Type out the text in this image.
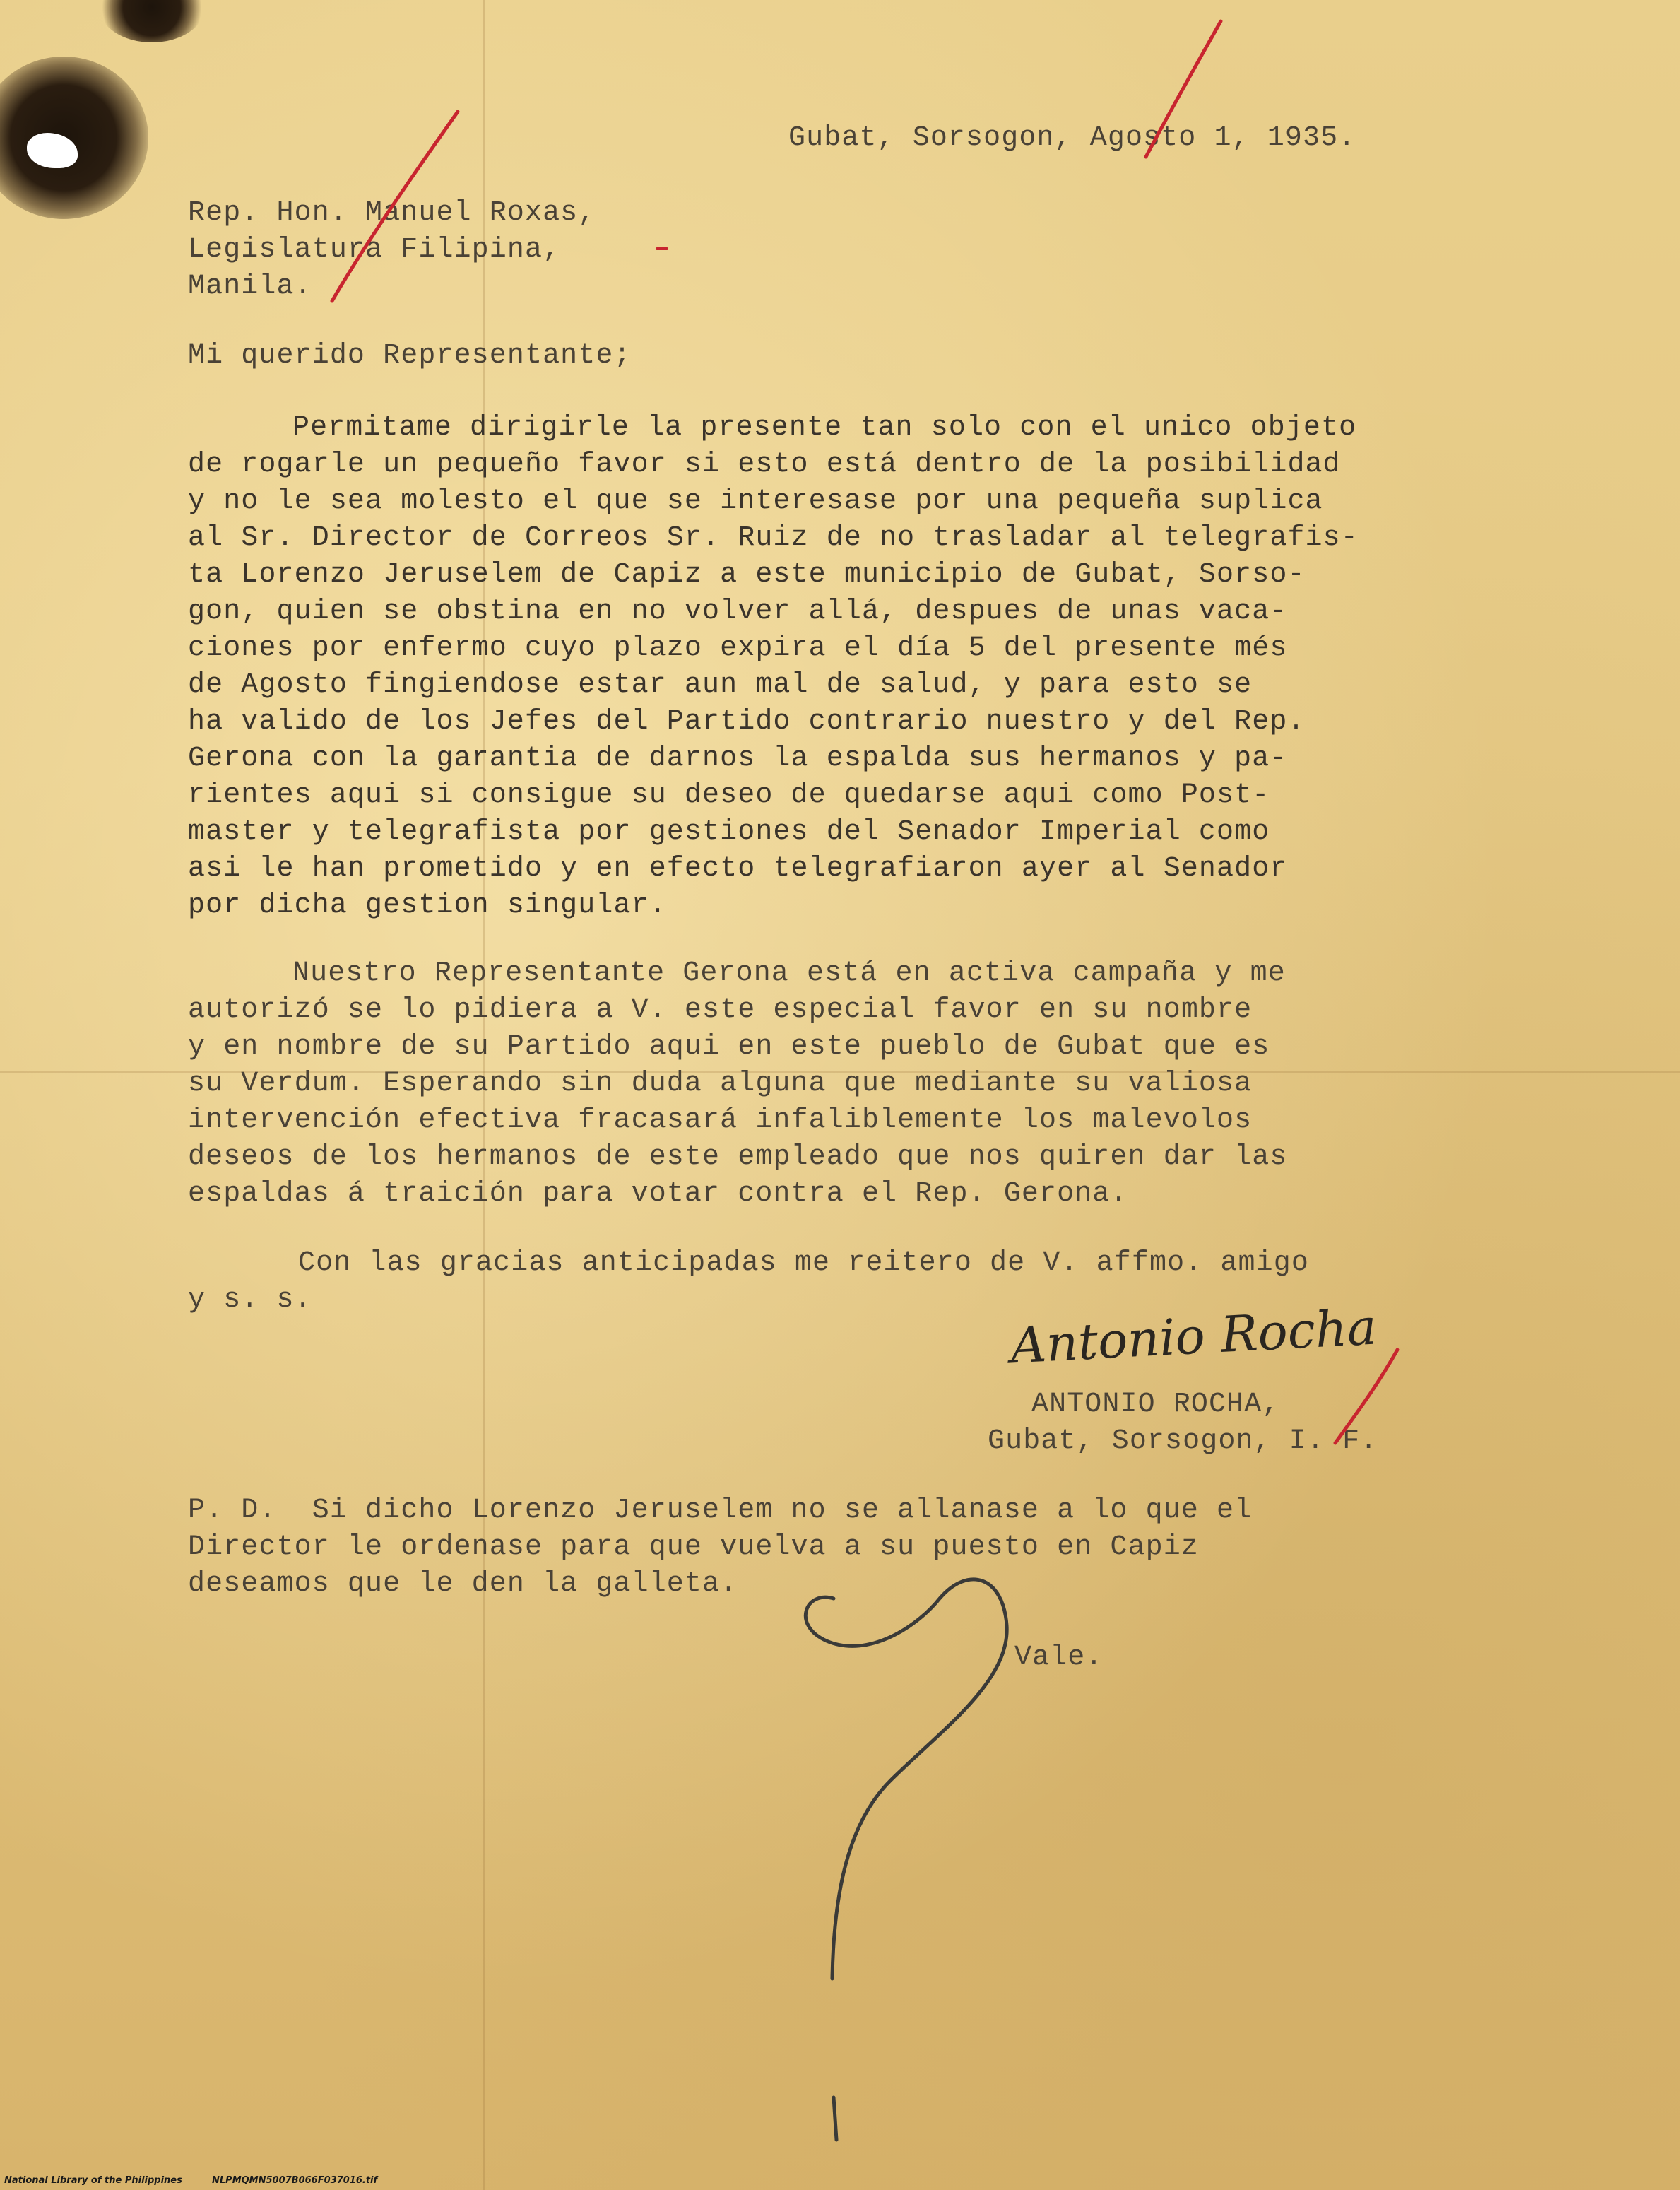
Gubat, Sorsogon, Agosto 1, 1935.

Rep. Hon. Manuel Roxas,

Legislatura Filipina,

Manila.

Mi querido Representante;

Permitame dirigirle la presente tan solo con el unico objeto

de rogarle un pequeño favor si esto está dentro de la posibilidad

y no le sea molesto el que se interesase por una pequeña suplica

al Sr. Director de Correos Sr. Ruiz de no trasladar al telegrafis-

ta Lorenzo Jeruselem de Capiz a este municipio de Gubat, Sorso-

gon, quien se obstina en no volver allá, despues de unas vaca-

ciones por enfermo cuyo plazo expira el día 5 del presente més

de Agosto fingiendose estar aun mal de salud, y para esto se

ha valido de los Jefes del Partido contrario nuestro y del Rep.

Gerona con la garantia de darnos la espalda sus hermanos y pa-

rientes aqui si consigue su deseo de quedarse aqui como Post-

master y telegrafista por gestiones del Senador Imperial como

asi le han prometido y en efecto telegrafiaron ayer al Senador

por dicha gestion singular.

Nuestro Representante Gerona está en activa campaña y me

autorizó se lo pidiera a V. este especial favor en su nombre

y en nombre de su Partido aqui en este pueblo de Gubat que es

su Verdum. Esperando sin duda alguna que mediante su valiosa

intervención efectiva fracasará infaliblemente los malevolos

deseos de los hermanos de este empleado que nos quiren dar las

espaldas á traición para votar contra el Rep. Gerona.

Con las gracias anticipadas me reitero de V. affmo. amigo

y s. s.	Antonio Rocha

ANTONIO ROCHA,

Gubat, Sorsogon, I. F.

P. D.  Si dicho Lorenzo Jeruselem no se allanase a lo que el

Director le ordenase para que vuelva a su puesto en Capiz

deseamos que le den la galleta.

Vale.

National Library of the Philippines	NLPMQMN5007B066F037016.tif
